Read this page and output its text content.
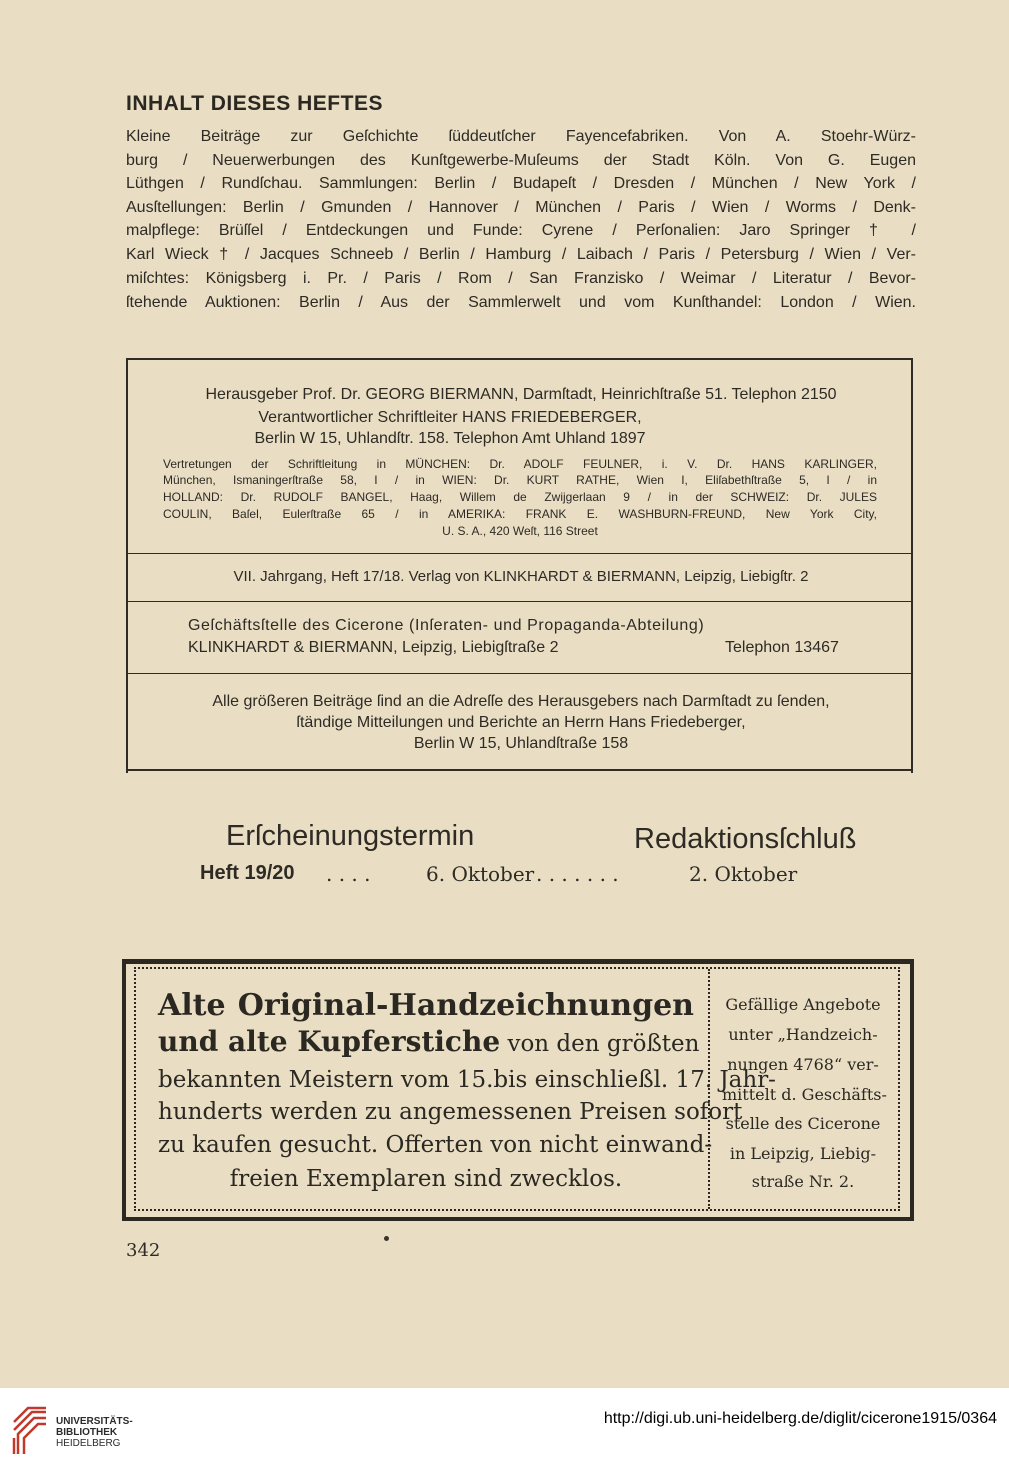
INHALT DIESES HEFTES
Kleine Beiträge zur Geſchichte ſüddeutſcher Fayencefabriken. Von A. Stoehr-Würz-
burg / Neuerwerbungen des Kunſtgewerbe-Muſeums der Stadt Köln. Von G. Eugen
Lüthgen / Rundſchau. Sammlungen: Berlin / Budapeſt / Dresden / München / New York /
Ausſtellungen: Berlin / Gmunden / Hannover / München / Paris / Wien / Worms / Denk-
malpflege: Brüſſel / Entdeckungen und Funde: Cyrene / Perſonalien: Jaro Springer † /
Karl Wieck † / Jacques Schneeb / Berlin / Hamburg / Laibach / Paris / Petersburg / Wien / Ver-
miſchtes: Königsberg i. Pr. / Paris / Rom / San Franzisko / Weimar / Literatur / Bevor-
ſtehende Auktionen: Berlin / Aus der Sammlerwelt und vom Kunſthandel: London / Wien.
Herausgeber Prof. Dr. GEORG BIERMANN, Darmſtadt, Heinrichſtraße 51. Telephon 2150
Verantwortlicher Schriftleiter HANS FRIEDEBERGER,
Berlin W 15, Uhlandſtr. 158. Telephon Amt Uhland 1897
Vertretungen der Schriftleitung in MÜNCHEN: Dr. ADOLF FEULNER, i. V. Dr. HANS KARLINGER,
München, Ismaningerſtraße 58, I / in WIEN: Dr. KURT RATHE, Wien I, Eliſabethſtraße 5, I / in
HOLLAND: Dr. RUDOLF BANGEL, Haag, Willem de Zwijgerlaan 9 / in der SCHWEIZ: Dr. JULES
COULIN, Baſel, Eulerſtraße 65 / in AMERIKA: FRANK E. WASHBURN-FREUND, New York City,
U. S. A., 420 Weſt, 116 Street
VII. Jahrgang, Heft 17/18. Verlag von KLINKHARDT & BIERMANN, Leipzig, Liebigſtr. 2
Geſchäftsſtelle des Cicerone (Inſeraten- und Propaganda-Abteilung)
KLINKHARDT & BIERMANN, Leipzig, Liebigſtraße 2	Telephon 13467
Alle größeren Beiträge ſind an die Adreſſe des Herausgebers nach Darmſtadt zu ſenden,
ſtändige Mitteilungen und Berichte an Herrn Hans Friedeberger,
Berlin W 15, Uhlandſtraße 158
Erſcheinungstermin	Redaktionsſchluß
Heft 19/20 . . . .	6. Oktober . . . . . . .	2. Oktober
Alte Original-Handzeichnungen
und alte Kupferstiche von den größten
bekannten Meistern vom 15.bis einschließl. 17. Jahr-
hunderts werden zu angemessenen Preisen sofort
zu kaufen gesucht. Offerten von nicht einwand-
freien Exemplaren sind zwecklos.
Gefällige Angebote
unter „Handzeich-
nungen 4768“ ver-
mittelt d. Geschäfts-
stelle des Cicerone
in Leipzig, Liebig-
straße Nr. 2.
342
UNIVERSITÄTS-
BIBLIOTHEK
HEIDELBERG
http://digi.ub.uni-heidelberg.de/diglit/cicerone1915/0364
